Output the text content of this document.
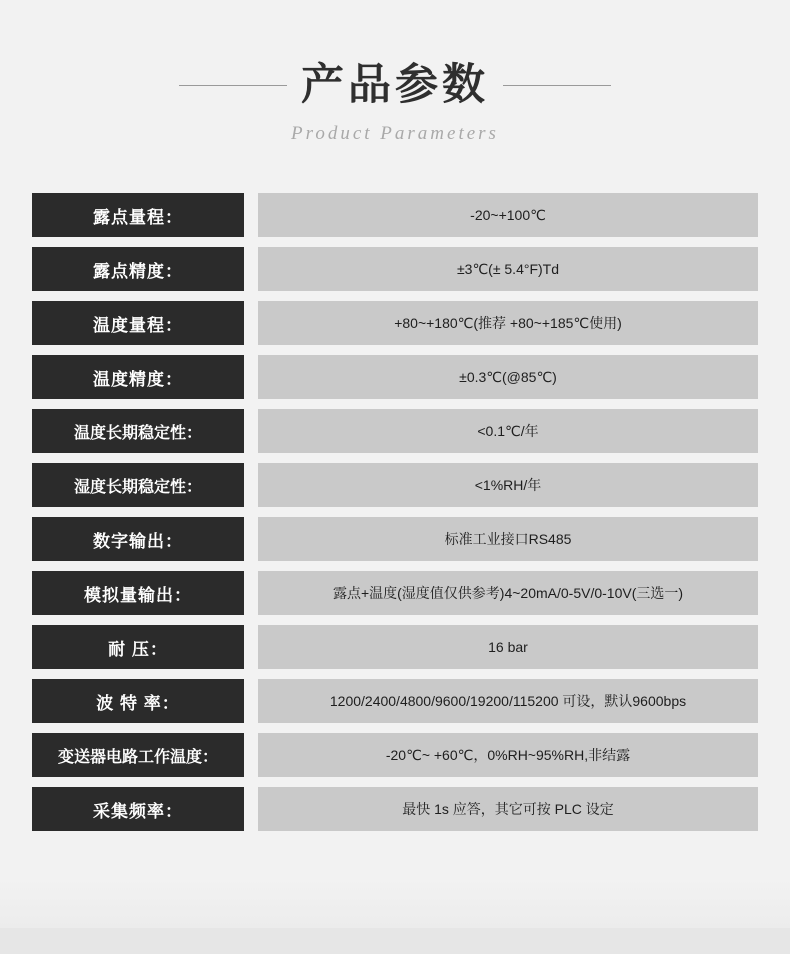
产品参数
Product Parameters
露点量程：	-20~+100℃
露点精度：	±3℃(± 5.4°F)Td
温度量程：	+80~+180℃(推荐 +80~+185℃使用)
温度精度：	±0.3℃(@85℃)
温度长期稳定性：	<0.1℃/年
湿度长期稳定性：	<1%RH/年
数字输出：	标准工业接口RS485
模拟量输出：	露点+温度(湿度值仅供参考)4~20mA/0-5V/0-10V(三选一)
耐 压：	16 bar
波 特 率：	1200/2400/4800/9600/19200/115200 可设，默认9600bps
变送器电路工作温度：	-20℃~ +60℃，0%RH~95%RH,非结露
采集频率：	最快 1s 应答，其它可按 PLC 设定
